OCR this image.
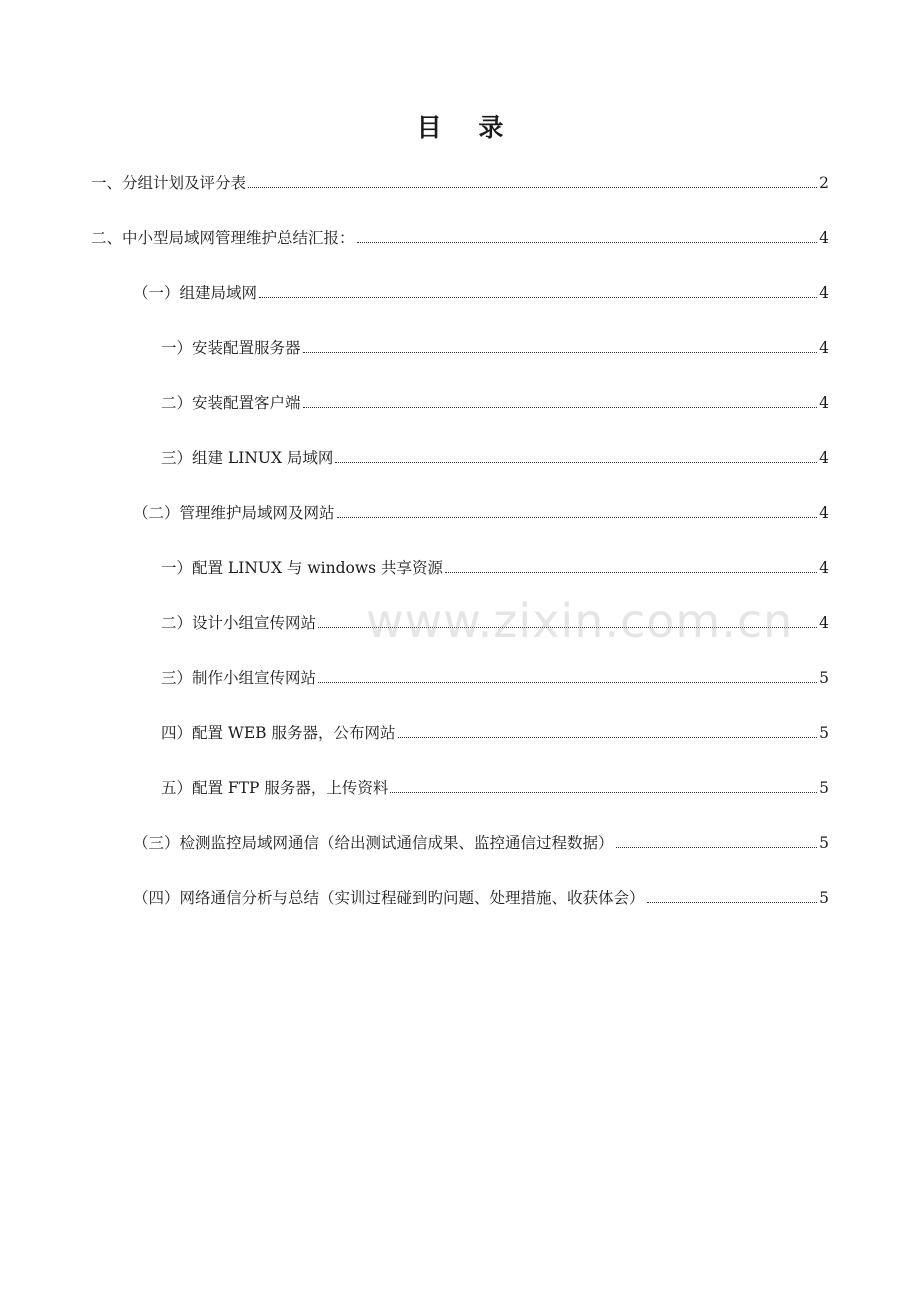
目 录
一、分组计划及评分表	2
二、中小型局域网管理维护总结汇报：	4
（一）组建局域网	4
一）安装配置服务器	4
二）安装配置客户端	4
三）组建 LINUX 局域网	4
（二）管理维护局域网及网站	4
一）配置 LINUX 与 windows 共享资源	4
二）设计小组宣传网站	4
三）制作小组宣传网站	5
四）配置 WEB 服务器，公布网站	5
五）配置 FTP 服务器，上传资料	5
（三）检测监控局域网通信（给出测试通信成果、监控通信过程数据）	5
（四）网络通信分析与总结（实训过程碰到旳问题、处理措施、收获体会）	5
www.zixin.com.cn
